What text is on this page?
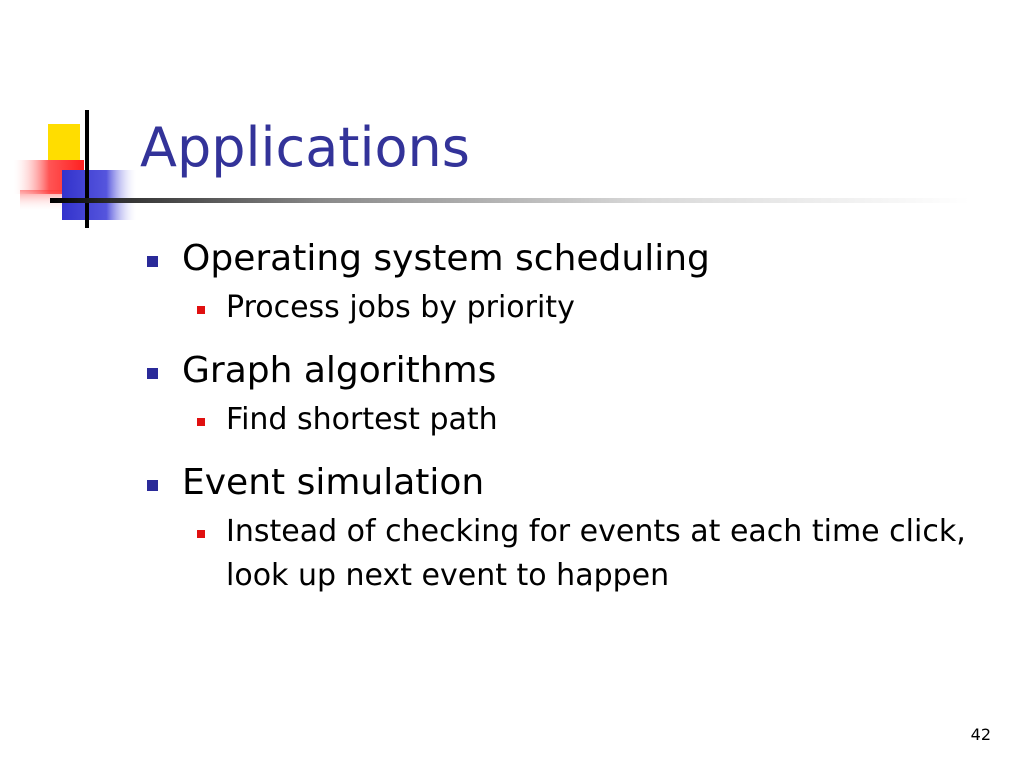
Applications
Operating system scheduling
Process jobs by priority
Graph algorithms
Find shortest path
Event simulation
Instead of checking for events at each time click, look up next event to happen
42
